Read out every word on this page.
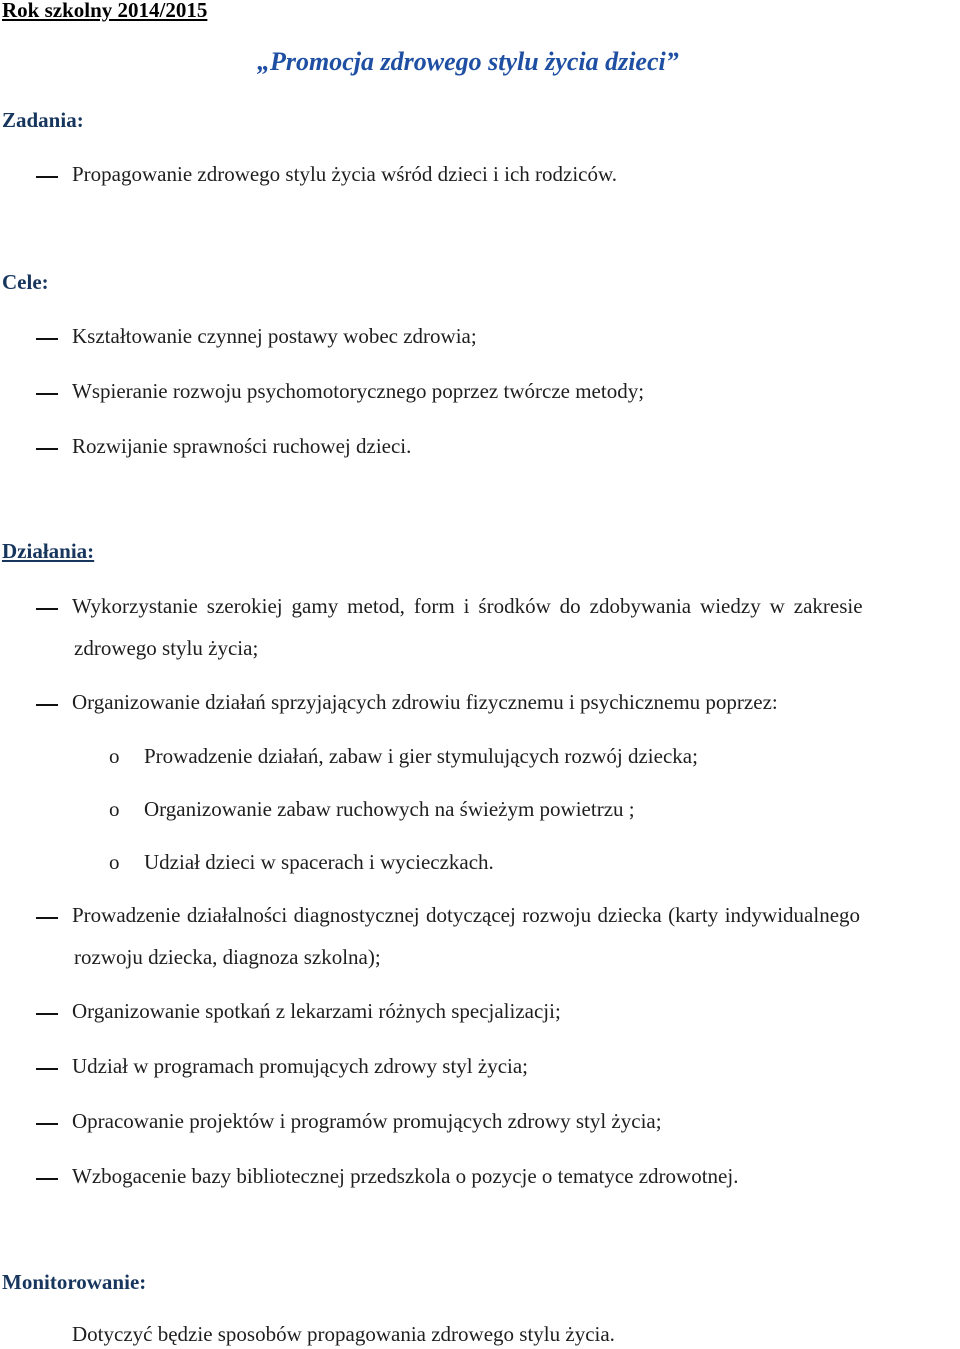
Rok szkolny 2014/2015
„Promocja zdrowego stylu życia dzieci”
Zadania:
Propagowanie zdrowego stylu życia wśród dzieci i ich rodziców.
Cele:
Kształtowanie czynnej postawy wobec zdrowia;
Wspieranie rozwoju psychomotorycznego poprzez twórcze metody;
Rozwijanie sprawności ruchowej dzieci.
Działania:
Wykorzystanie szerokiej gamy metod, form i środków do zdobywania wiedzy w zakresie
zdrowego stylu życia;
Organizowanie działań sprzyjających zdrowiu fizycznemu i psychicznemu poprzez:
o Prowadzenie działań, zabaw i gier stymulujących rozwój dziecka;
o Organizowanie zabaw ruchowych na świeżym powietrzu ;
o Udział dzieci w spacerach i wycieczkach.
Prowadzenie działalności diagnostycznej dotyczącej rozwoju dziecka (karty indywidualnego
rozwoju dziecka, diagnoza szkolna);
Organizowanie spotkań z lekarzami różnych specjalizacji;
Udział w programach promujących zdrowy styl życia;
Opracowanie projektów i programów promujących zdrowy styl życia;
Wzbogacenie bazy bibliotecznej przedszkola o pozycje o tematyce zdrowotnej.
Monitorowanie:
Dotyczyć będzie sposobów propagowania zdrowego stylu życia.
